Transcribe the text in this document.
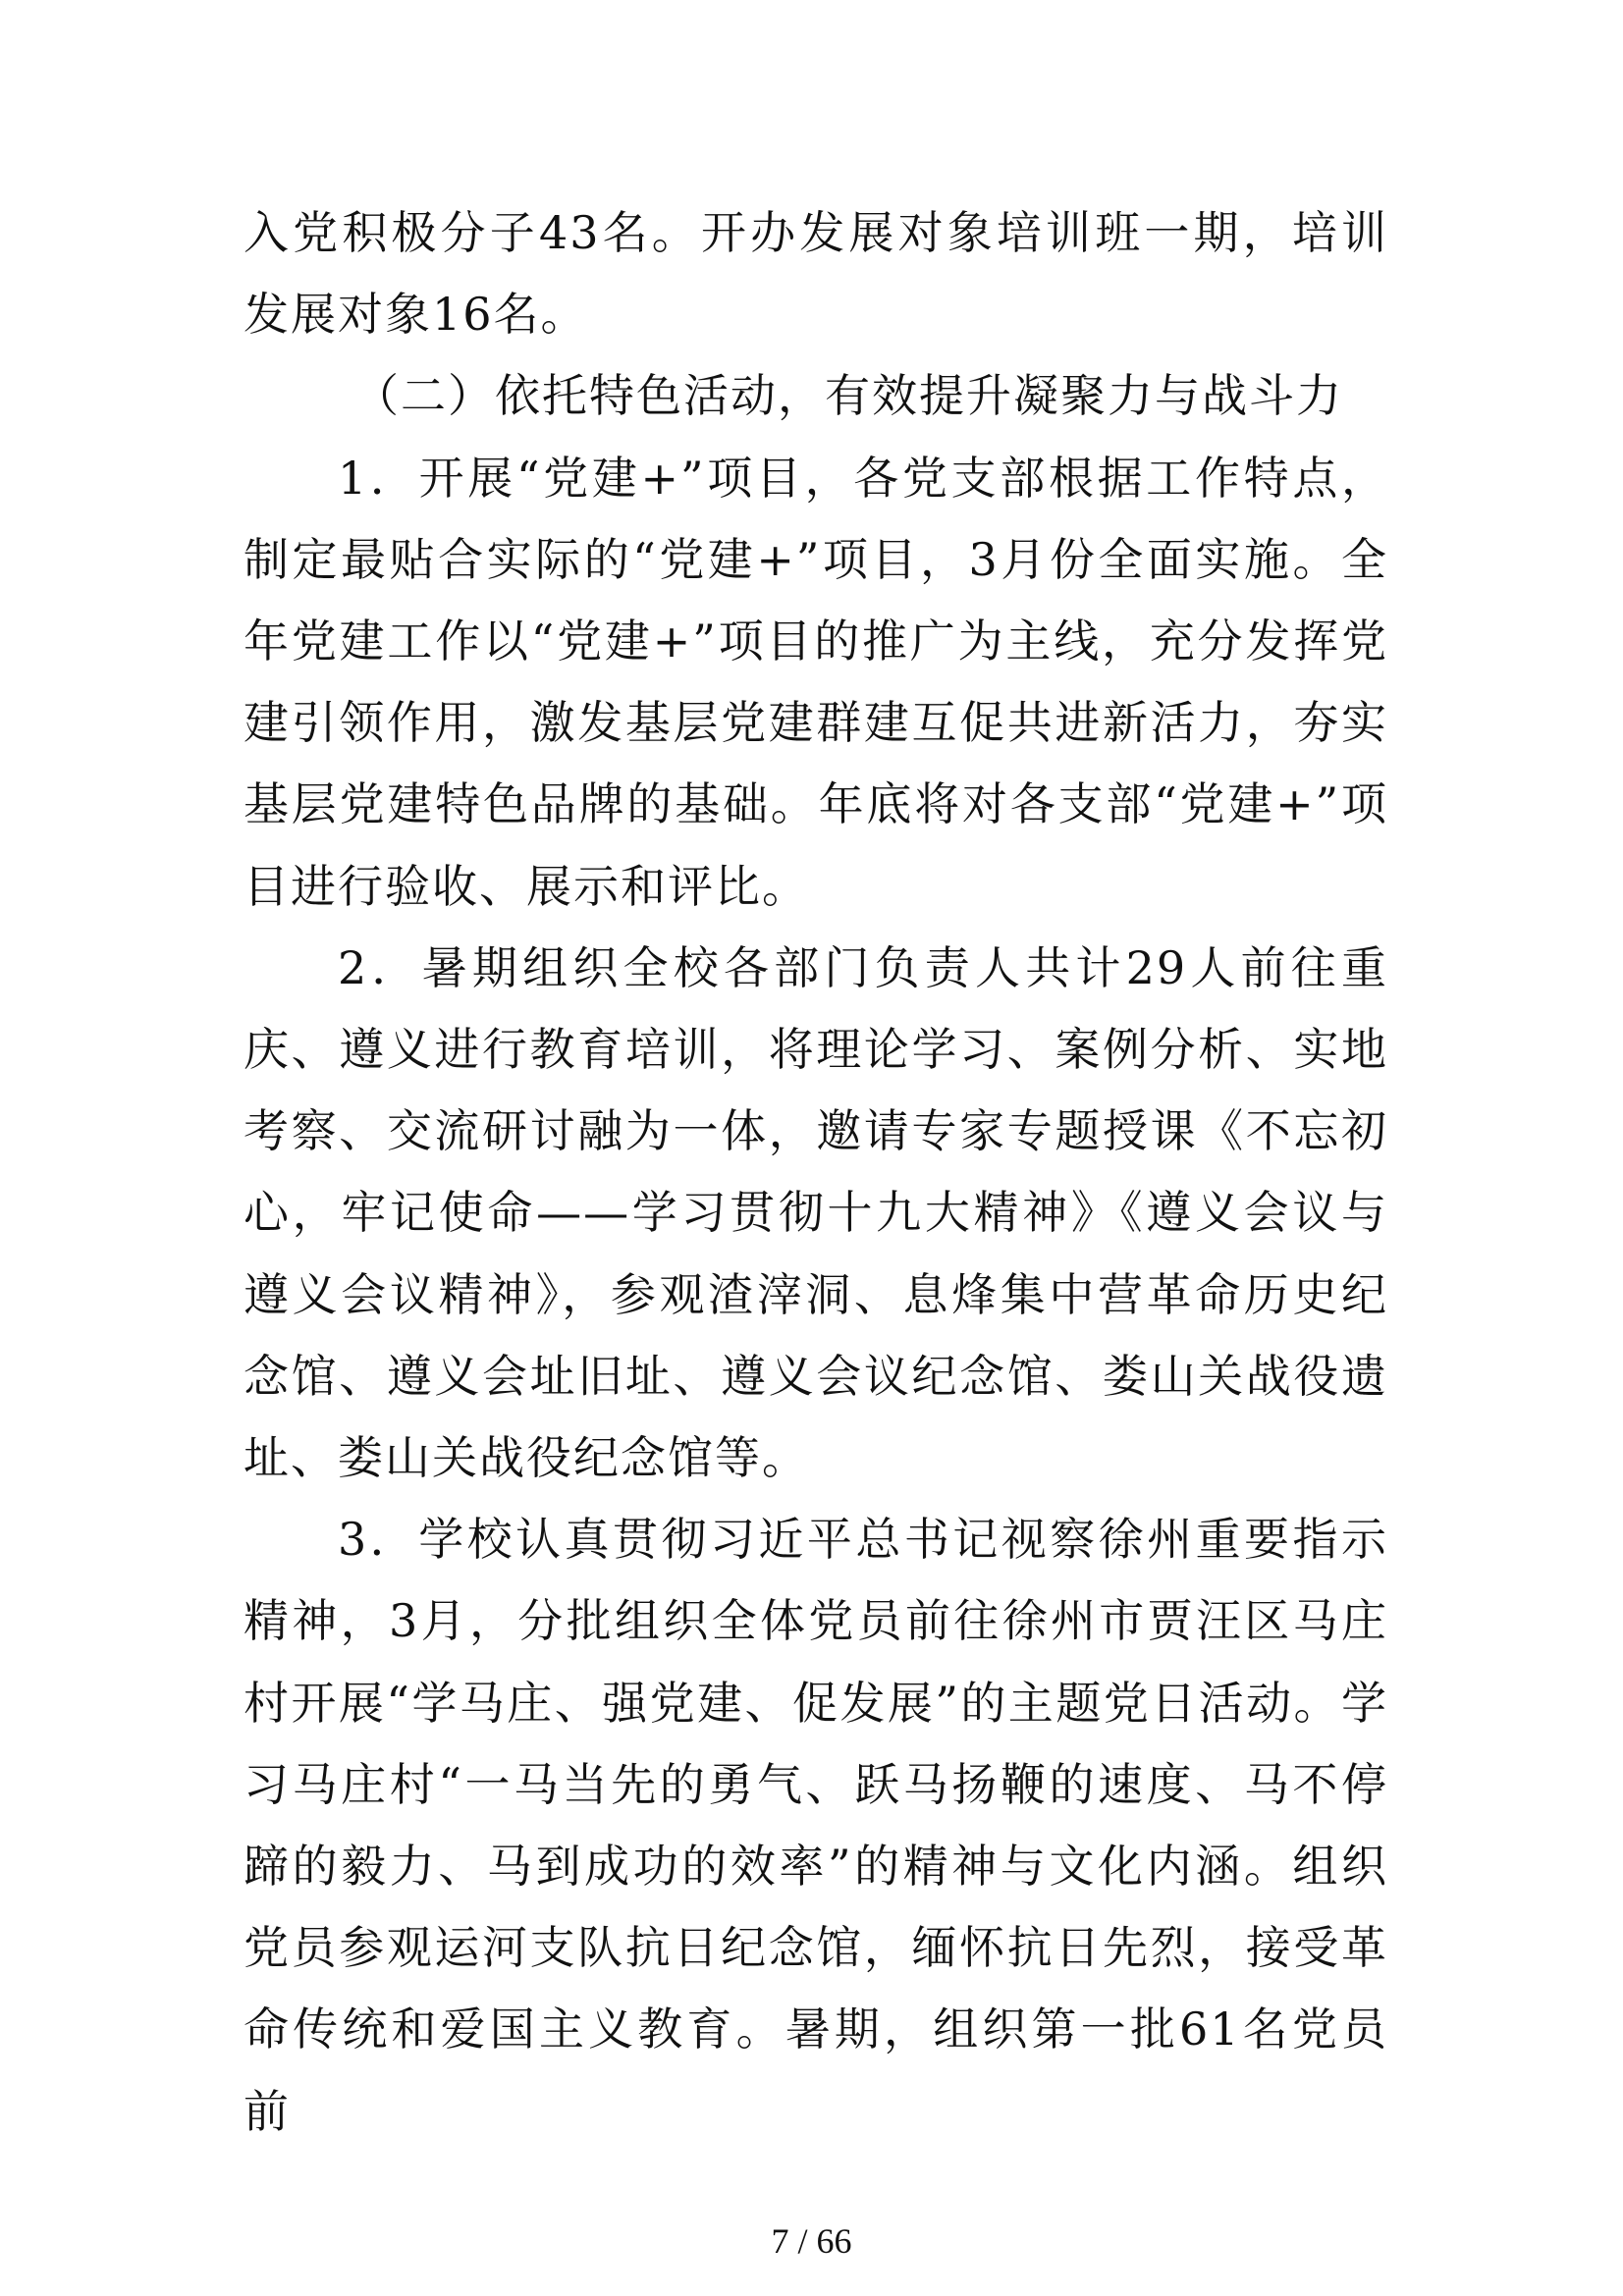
入党积极分子43名。开办发展对象培训班一期，培训发展对象16名。

（二）依托特色活动，有效提升凝聚力与战斗力

1．开展“党建+”项目，各党支部根据工作特点，制定最贴合实际的“党建+”项目，3月份全面实施。全年党建工作以“党建+”项目的推广为主线，充分发挥党建引领作用，激发基层党建群建互促共进新活力，夯实基层党建特色品牌的基础。年底将对各支部“党建+”项目进行验收、展示和评比。

2．暑期组织全校各部门负责人共计29人前往重庆、遵义进行教育培训，将理论学习、案例分析、实地考察、交流研讨融为一体，邀请专家专题授课《不忘初心，牢记使命——学习贯彻十九大精神》《遵义会议与遵义会议精神》，参观渣滓洞、息烽集中营革命历史纪念馆、遵义会址旧址、遵义会议纪念馆、娄山关战役遗址、娄山关战役纪念馆等。

3．学校认真贯彻习近平总书记视察徐州重要指示精神，3月，分批组织全体党员前往徐州市贾汪区马庄村开展“学马庄、强党建、促发展”的主题党日活动。学习马庄村“一马当先的勇气、跃马扬鞭的速度、马不停蹄的毅力、马到成功的效率”的精神与文化内涵。组织党员参观运河支队抗日纪念馆，缅怀抗日先烈，接受革命传统和爱国主义教育。暑期，组织第一批61名党员前

7 / 66
